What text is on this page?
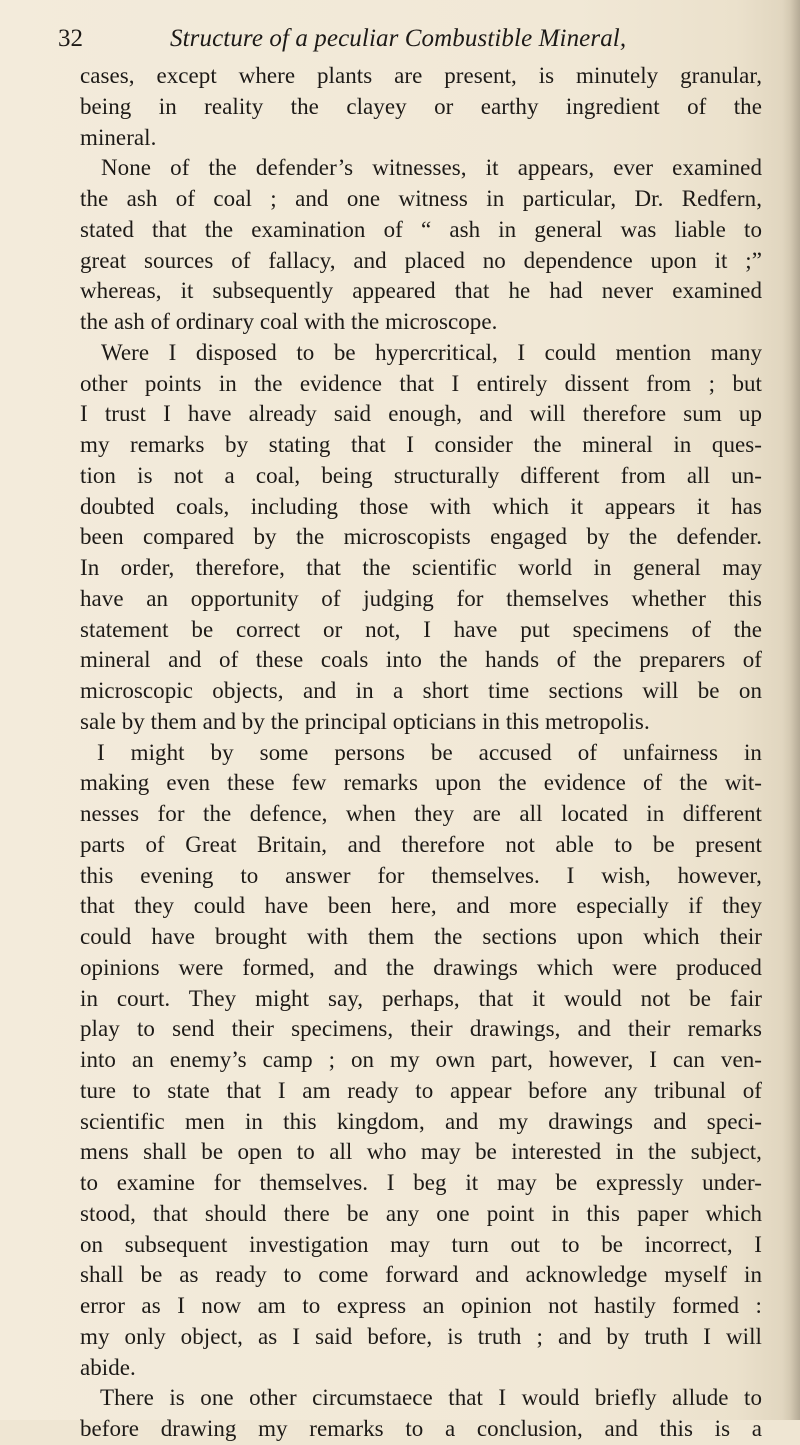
32	Structure of a peculiar Combustible Mineral,
cases, except where plants are present, is minutely granular,
being in reality the clayey or earthy ingredient of the
mineral.
None of the defender’s witnesses, it appears, ever examined
the ash of coal ; and one witness in particular, Dr. Redfern,
stated that the examination of “ ash in general was liable to
great sources of fallacy, and placed no dependence upon it ;”
whereas, it subsequently appeared that he had never examined
the ash of ordinary coal with the microscope.
Were I disposed to be hypercritical, I could mention many
other points in the evidence that I entirely dissent from ; but
I trust I have already said enough, and will therefore sum up
my remarks by stating that I consider the mineral in ques-
tion is not a coal, being structurally different from all un-
doubted coals, including those with which it appears it has
been compared by the microscopists engaged by the defender.
In order, therefore, that the scientific world in general may
have an opportunity of judging for themselves whether this
statement be correct or not, I have put specimens of the
mineral and of these coals into the hands of the preparers of
microscopic objects, and in a short time sections will be on
sale by them and by the principal opticians in this metropolis.
I might by some persons be accused of unfairness in
making even these few remarks upon the evidence of the wit-
nesses for the defence, when they are all located in different
parts of Great Britain, and therefore not able to be present
this evening to answer for themselves. I wish, however,
that they could have been here, and more especially if they
could have brought with them the sections upon which their
opinions were formed, and the drawings which were produced
in court. They might say, perhaps, that it would not be fair
play to send their specimens, their drawings, and their remarks
into an enemy’s camp ; on my own part, however, I can ven-
ture to state that I am ready to appear before any tribunal of
scientific men in this kingdom, and my drawings and speci-
mens shall be open to all who may be interested in the subject,
to examine for themselves. I beg it may be expressly under-
stood, that should there be any one point in this paper which
on subsequent investigation may turn out to be incorrect, I
shall be as ready to come forward and acknowledge myself in
error as I now am to express an opinion not hastily formed :
my only object, as I said before, is truth ; and by truth I will
abide.
There is one other circumstaece that I would briefly allude to
before drawing my remarks to a conclusion, and this is a
